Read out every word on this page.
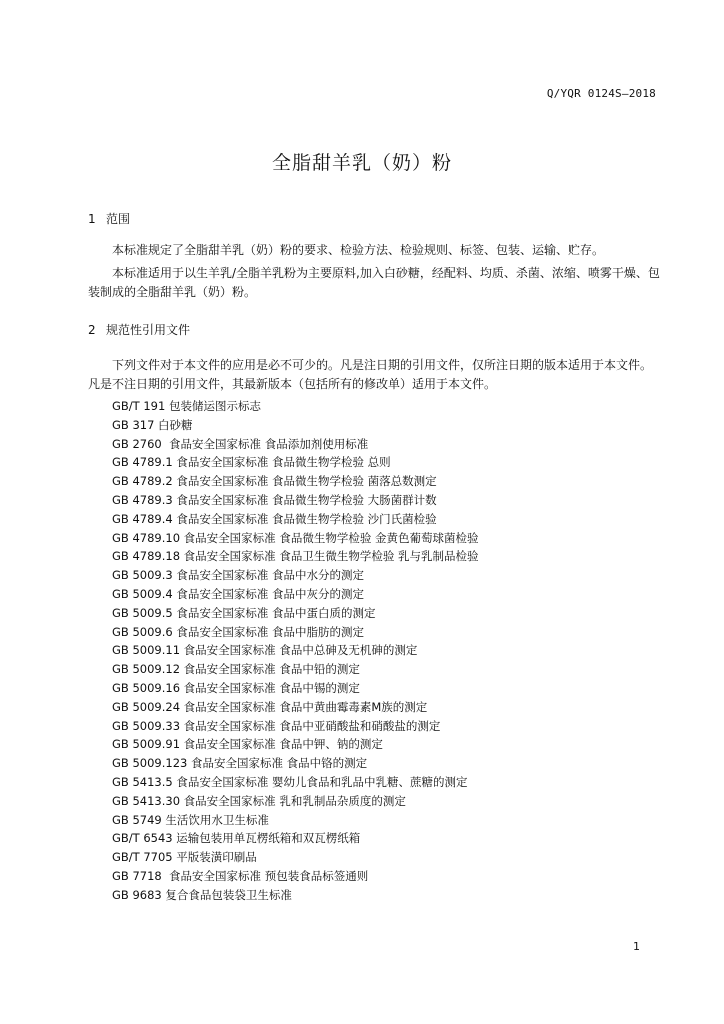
Q/YQR 0124S—2018
全脂甜羊乳（奶）粉
1 范围

本标准规定了全脂甜羊乳（奶）粉的要求、检验方法、检验规则、标签、包装、运输、贮存。

本标准适用于以生羊乳/全脂羊乳粉为主要原料,加入白砂糖，经配料、均质、杀菌、浓缩、喷雾干燥、包装制成的全脂甜羊乳（奶）粉。

2 规范性引用文件

下列文件对于本文件的应用是必不可少的。凡是注日期的引用文件，仅所注日期的版本适用于本文件。凡是不注日期的引用文件，其最新版本（包括所有的修改单）适用于本文件。

GB/T 191 包装储运图示标志
GB 317 白砂糖
GB 2760  食品安全国家标准 食品添加剂使用标准
GB 4789.1 食品安全国家标准 食品微生物学检验 总则
GB 4789.2 食品安全国家标准 食品微生物学检验 菌落总数测定
GB 4789.3 食品安全国家标准 食品微生物学检验 大肠菌群计数
GB 4789.4 食品安全国家标准 食品微生物学检验 沙门氏菌检验
GB 4789.10 食品安全国家标准 食品微生物学检验 金黄色葡萄球菌检验
GB 4789.18 食品安全国家标准 食品卫生微生物学检验 乳与乳制品检验
GB 5009.3 食品安全国家标准 食品中水分的测定
GB 5009.4 食品安全国家标准 食品中灰分的测定
GB 5009.5 食品安全国家标准 食品中蛋白质的测定
GB 5009.6 食品安全国家标准 食品中脂肪的测定
GB 5009.11 食品安全国家标准 食品中总砷及无机砷的测定
GB 5009.12 食品安全国家标准 食品中铅的测定
GB 5009.16 食品安全国家标准 食品中锡的测定
GB 5009.24 食品安全国家标准 食品中黄曲霉毒素M族的测定
GB 5009.33 食品安全国家标准 食品中亚硝酸盐和硝酸盐的测定
GB 5009.91 食品安全国家标准 食品中钾、钠的测定
GB 5009.123 食品安全国家标准 食品中铬的测定
GB 5413.5 食品安全国家标准 婴幼儿食品和乳品中乳糖、蔗糖的测定
GB 5413.30 食品安全国家标准 乳和乳制品杂质度的测定
GB 5749 生活饮用水卫生标准
GB/T 6543 运输包装用单瓦楞纸箱和双瓦楞纸箱
GB/T 7705 平版装潢印刷品
GB 7718  食品安全国家标准 预包装食品标签通则
GB 9683 复合食品包装袋卫生标准
1
